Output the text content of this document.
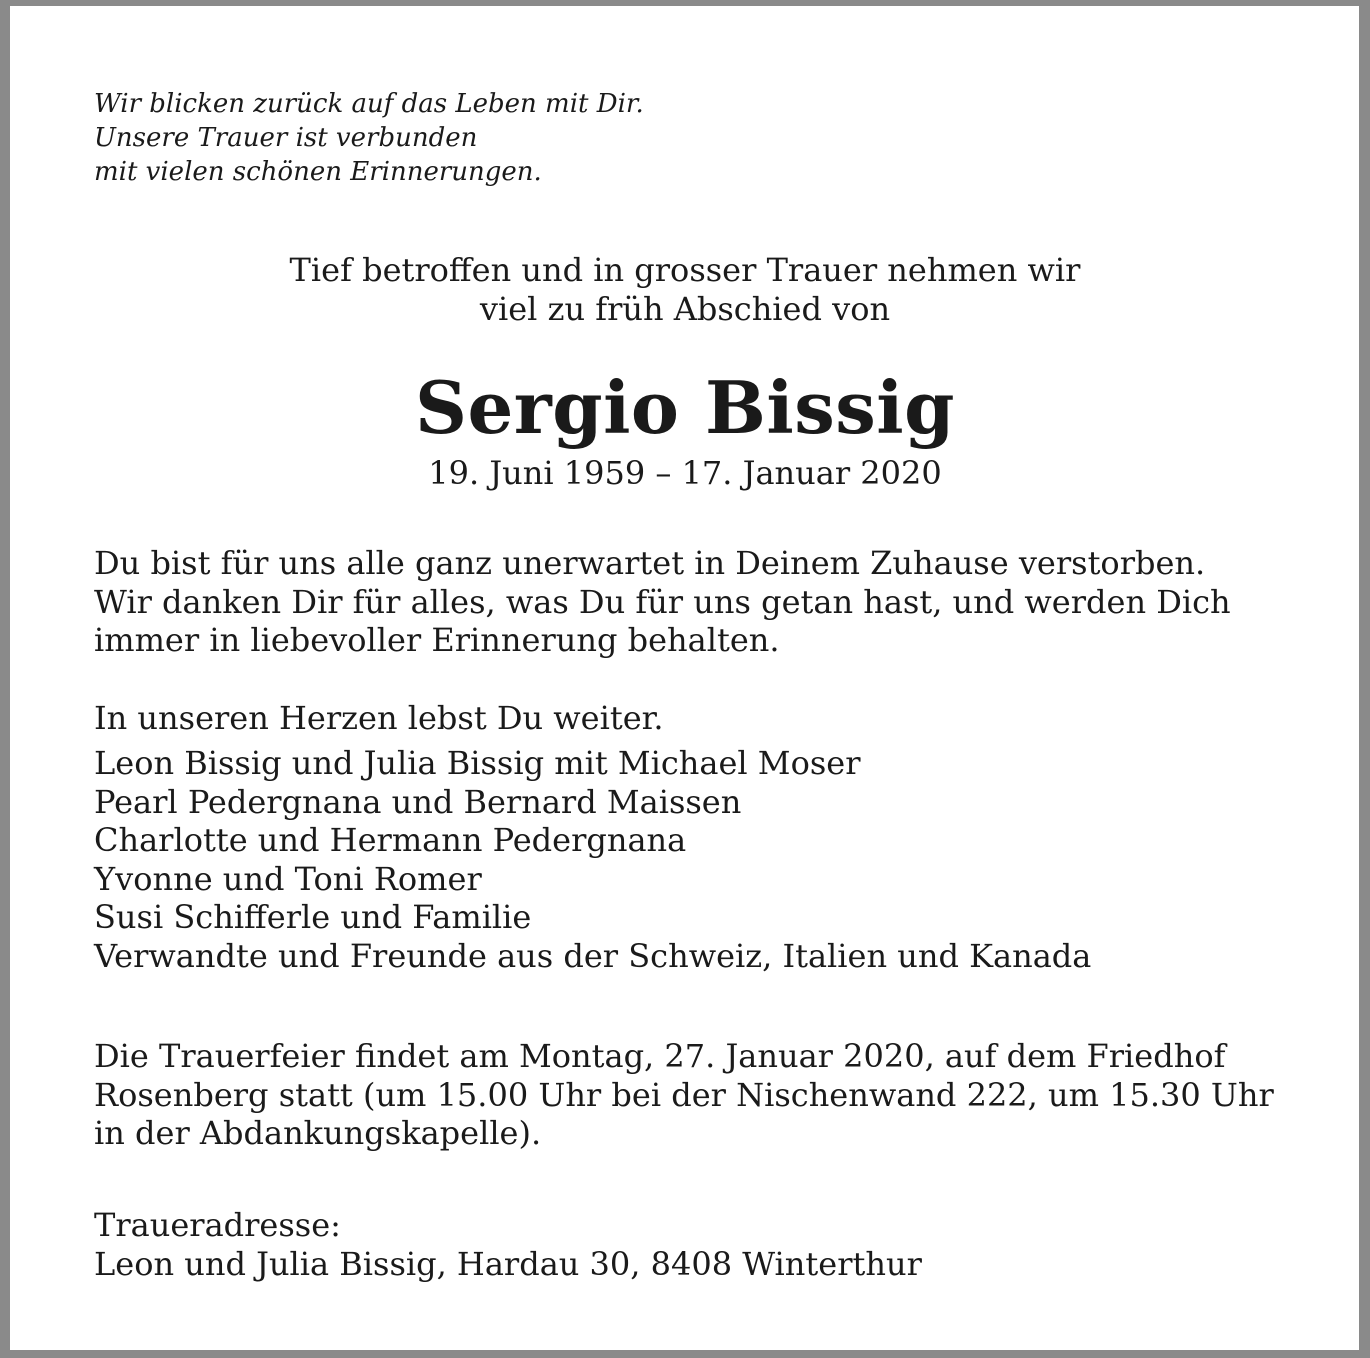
Wir blicken zurück auf das Leben mit Dir.
Unsere Trauer ist verbunden
mit vielen schönen Erinnerungen.
Tief betroffen und in grosser Trauer nehmen wir
viel zu früh Abschied von
Sergio Bissig
19. Juni 1959 – 17. Januar 2020
Du bist für uns alle ganz unerwartet in Deinem Zuhause verstorben.
Wir danken Dir für alles, was Du für uns getan hast, und werden Dich
immer in liebevoller Erinnerung behalten.
In unseren Herzen lebst Du weiter.
Leon Bissig und Julia Bissig mit Michael Moser
Pearl Pedergnana und Bernard Maissen
Charlotte und Hermann Pedergnana
Yvonne und Toni Romer
Susi Schifferle und Familie
Verwandte und Freunde aus der Schweiz, Italien und Kanada
Die Trauerfeier findet am Montag, 27. Januar 2020, auf dem Friedhof
Rosenberg statt (um 15.00 Uhr bei der Nischenwand 222, um 15.30 Uhr
in der Abdankungskapelle).
Traueradresse:
Leon und Julia Bissig, Hardau 30, 8408 Winterthur
